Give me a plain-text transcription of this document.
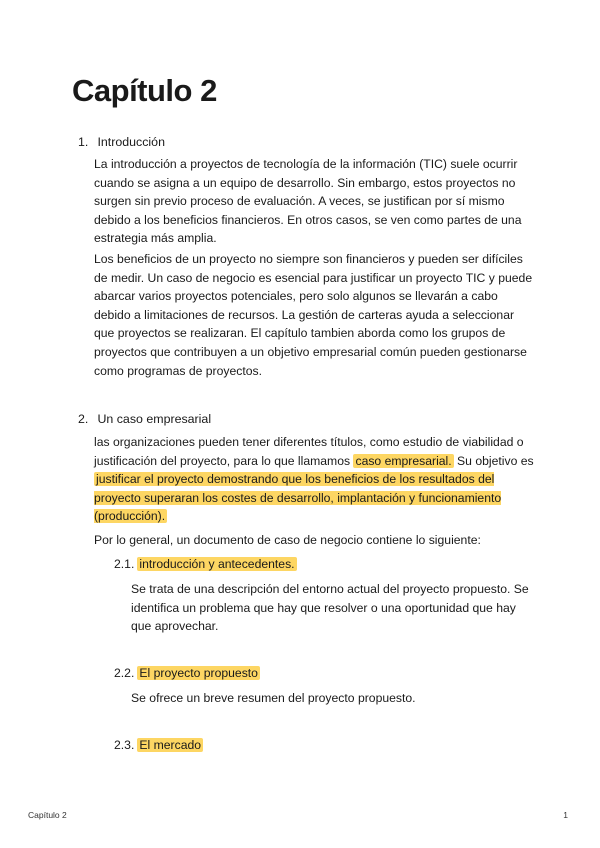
Capítulo 2
1. Introducción

La introducción a proyectos de tecnología de la información (TIC) suele ocurrir cuando se asigna a un equipo de desarrollo. Sin embargo, estos proyectos no surgen sin previo proceso de evaluación. A veces, se justifican por sí mismo debido a los beneficios financieros. En otros casos, se ven como partes de una estrategia más amplia.

Los beneficios de un proyecto no siempre son financieros y pueden ser difíciles de medir. Un caso de negocio es esencial para justificar un proyecto TIC y puede abarcar varios proyectos potenciales, pero solo algunos se llevarán a cabo debido a limitaciones de recursos. La gestión de carteras ayuda a seleccionar que proyectos se realizaran. El capítulo tambien aborda como los grupos de proyectos que contribuyen a un objetivo empresarial común pueden gestionarse como programas de proyectos.

2. Un caso empresarial

las organizaciones pueden tener diferentes títulos, como estudio de viabilidad o justificación del proyecto, para lo que llamamos caso empresarial. Su objetivo es justificar el proyecto demostrando que los beneficios de los resultados del proyecto superaran los costes de desarrollo, implantación y funcionamiento (producción).

Por lo general, un documento de caso de negocio contiene lo siguiente:

2.1. introducción y antecedentes.

Se trata de una descripción del entorno actual del proyecto propuesto. Se identifica un problema que hay que resolver o una oportunidad que hay que aprovechar.

2.2. El proyecto propuesto

Se ofrece un breve resumen del proyecto propuesto.

2.3. El mercado
Capítulo 2	1
